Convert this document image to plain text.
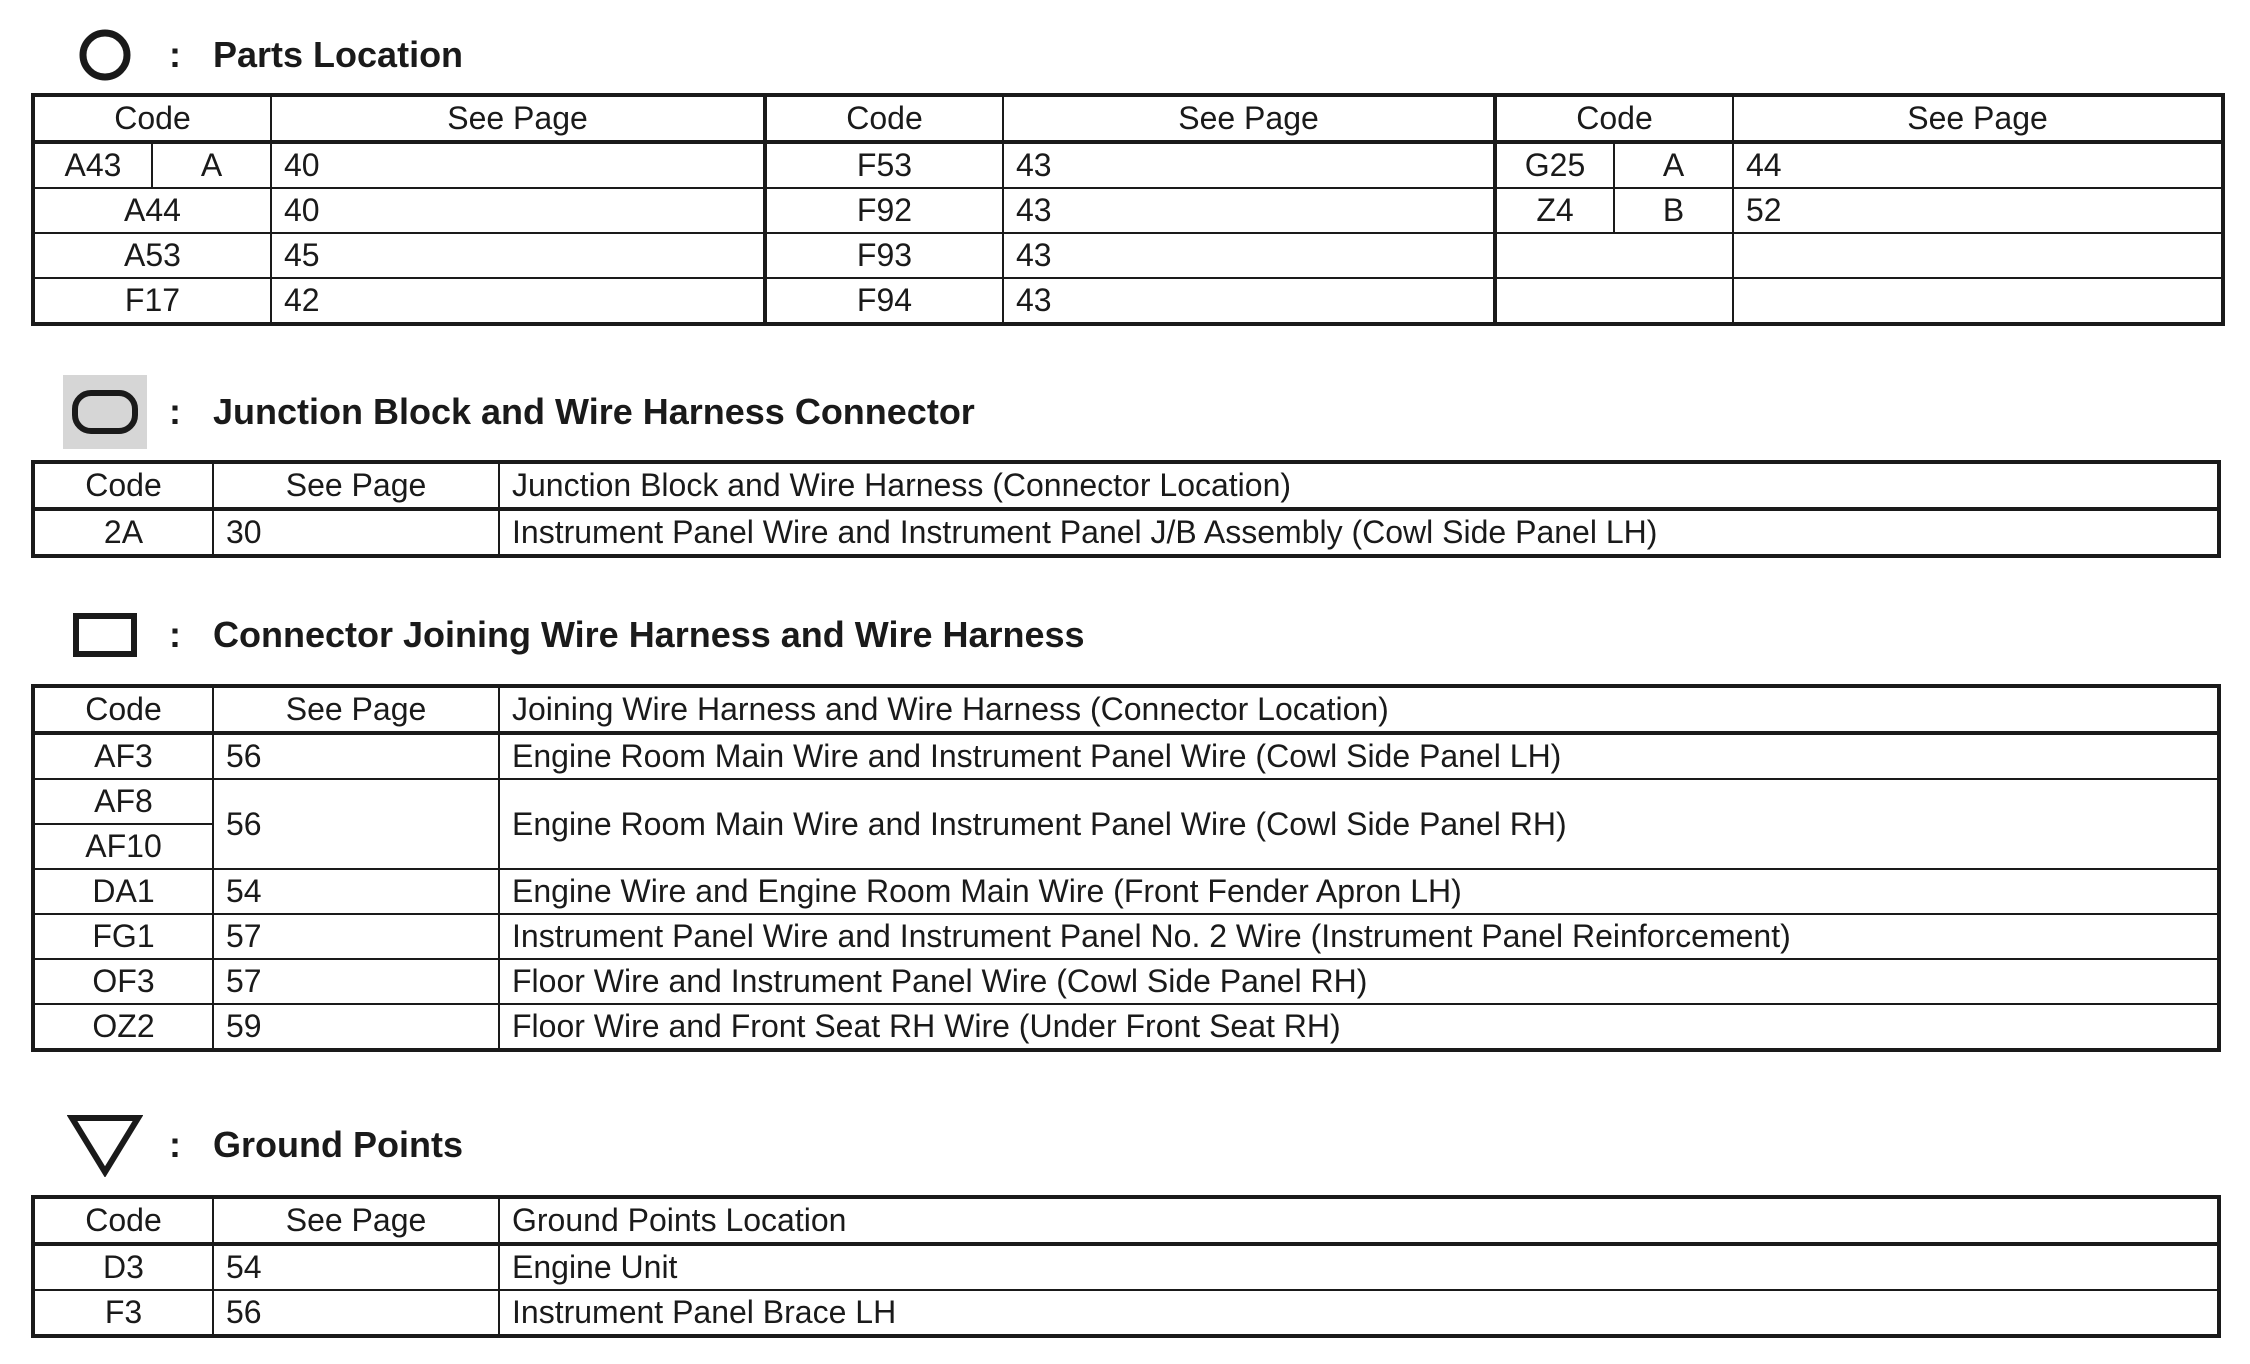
: Parts Location
Code		See Page	Code	See Page	Code		See Page
A43	A	40	F53	43	G25	A	44
A44		40	F92	43	Z4	B	52
A53		45	F93	43			
F17		42	F94	43			
: Junction Block and Wire Harness Connector
Code	See Page	Junction Block and Wire Harness (Connector Location)
2A	30	Instrument Panel Wire and Instrument Panel J/B Assembly (Cowl Side Panel LH)
: Connector Joining Wire Harness and Wire Harness
Code	See Page	Joining Wire Harness and Wire Harness (Connector Location)
AF3	56	Engine Room Main Wire and Instrument Panel Wire (Cowl Side Panel LH)
AF8	56	Engine Room Main Wire and Instrument Panel Wire (Cowl Side Panel RH)
AF10		
DA1	54	Engine Wire and Engine Room Main Wire (Front Fender Apron LH)
FG1	57	Instrument Panel Wire and Instrument Panel No. 2 Wire (Instrument Panel Reinforcement)
OF3	57	Floor Wire and Instrument Panel Wire (Cowl Side Panel RH)
OZ2	59	Floor Wire and Front Seat RH Wire (Under Front Seat RH)
: Ground Points
Code	See Page	Ground Points Location
D3	54	Engine Unit
F3	56	Instrument Panel Brace LH
